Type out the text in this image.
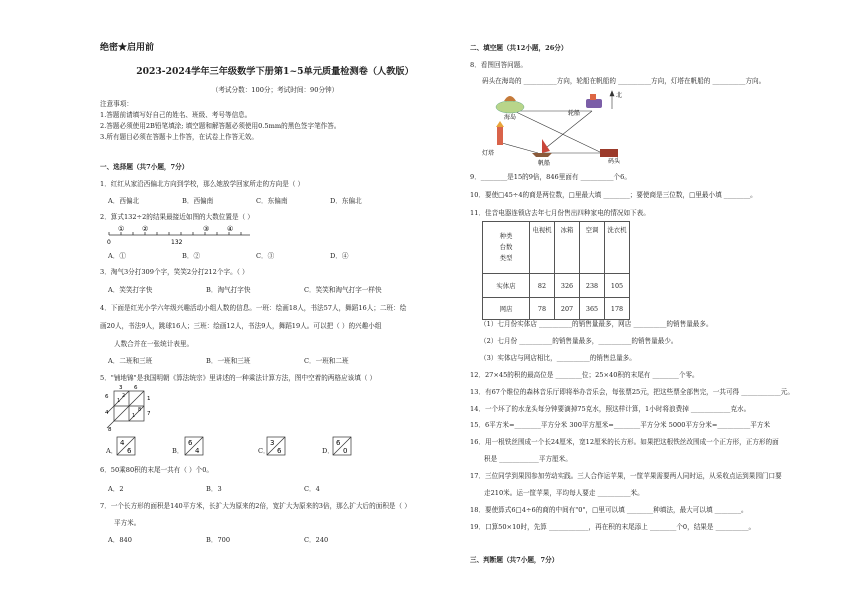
绝密★启用前
2023-2024学年三年级数学下册第1~5单元质量检测卷（人教版）
（考试分数：100分；考试时间：90分钟）
注意事项：
1.答题前请填写好自己的姓名、班级、考号等信息。
2.答题必须使用2B铅笔填涂; 填空题和解答题必须使用0.5mm的黑色签字笔作答。
3.所有题目必须在答题卡上作答，在试卷上作答无效。
一、选择题（共7小题，7分）
1．红红从家沿西偏北方向到学校，那么她放学回家所走的方向是（ ）
A．西偏北	B．西偏南	C．东偏南	D．东偏北
2．算式132÷2的结果最接近如图的大数位置是（ ）
0	132
①	②	③	④
A．①	B．②	C．③	D．④
3．淘气3分打309个字，笑笑2分打212个字。（ ）
A．笑笑打字快	B．淘气打字快	C．笑笑和淘气打字一样快
4．下面是红光小学六年级兴趣活动小组人数的信息。一班：绘画18人，书法57人，舞蹈16人；二班：绘
画20人，书法9人，跳球16人；三班：绘画12人，书法9人，舞蹈19人。可以把（ ）的兴趣小组
人数合并在一张统计表里。
A．二班和三班	B．一班和三班	C．一班和二班
5．"铺地锦"是我国明朝《算法统宗》里讲述的一种乘法计算方法，图中空着的两格应该填（ ）
3 6
1
7
6
4
8
1
2
1
8
A．
4
6	B．
6
4	C．
3
6	D．
6
0
6．50乘80积的末尾一共有（ ）个0。
A．2	B．3	C．4
7．一个长方形的面积是140平方米，长扩大为原来的2倍，宽扩大为原来的3倍，那么扩大后的面积是（ ）
平方米。
A．840	B．700	C．240
二、填空题（共12小题，26分）
8．看图回答问题。
码头在海岛的 __________方向，轮船在帆船的 __________方向，灯塔在帆船的 __________方向。
北
海岛
轮船
灯塔
帆船	码头
9．________是15的9倍，846里面有 __________个6。
10．要使□45÷4的商是两位数，□里最大填 ________；要使商是三位数，□里最小填 ________。
11．佳音电器连锁店去年七月份售出四种家电的情况如下表。
种类
台数
类型	电视机	冰箱	空调	洗衣机
实体店	82	326	238	105
网店	78	207	365	178
（1）七月份实体店 __________的销售量最多，网店 __________的销售量最多。
（2）七月份 __________的销售量最多，__________的销售量最少。
（3）实体店与网店相比，__________的销售总量多。
12．27×45的积的最高位是 ________位；25×40积的末尾有 ________个零。
13．有67个维位的森林音乐厅即将举办音乐会，每张票25元，把这些票全部售完，一共可得 ____________元。
14．一个坏了的水龙头每分钟要滴掉75克水，照这样计算，1小时将浪费掉 ____________克水。
15．6平方米=________平方分米 300平方厘米=________平方分米 5000平方分米=__________平方米
16．用一根铁丝围成一个长24厘米，宽12厘米的长方形。如果把这根铁丝改围成一个正方形，正方形的面
积是 ____________平方厘米。
17．三位同学到果园参加劳动实践。三人合作运苹果，一筐苹果需要两人同时运，从采收点运到果园门口要
走210米。运一筐苹果，平均每人要走 __________米。
18．要使算式6□4÷6的商的中间有"0"，□里可以填 ________种填法，最大可以填 ________。
19．口算50×10时，先算 ____________，再在积的末尾添上 ________个0，结果是 __________。
三、判断题（共7小题，7分）
